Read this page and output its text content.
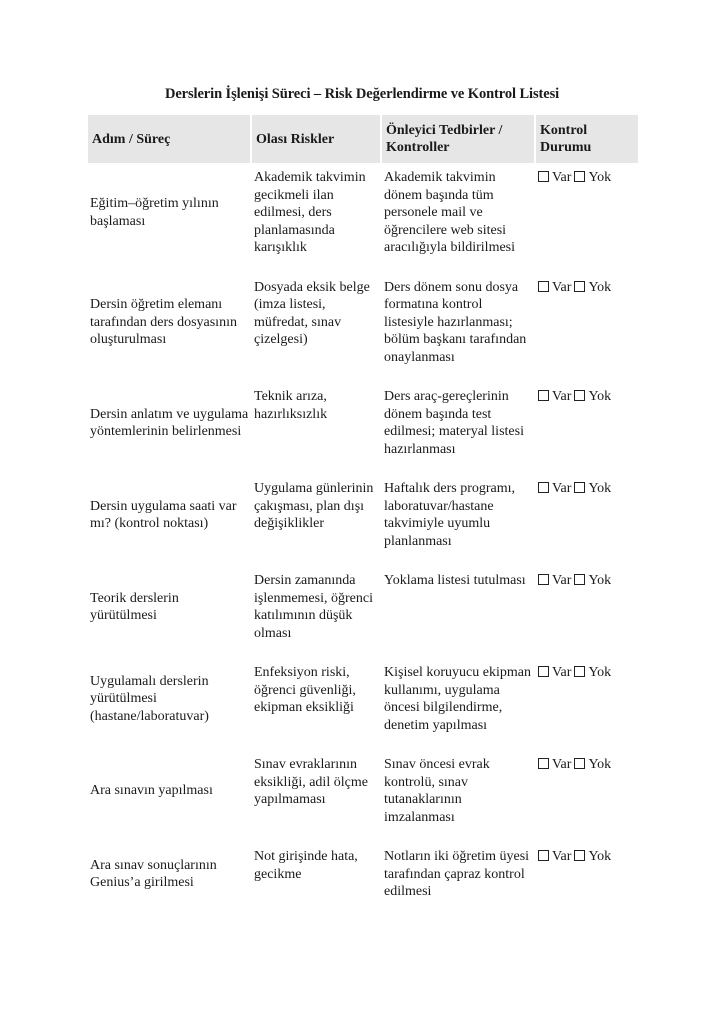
Derslerin İşlenişi Süreci – Risk Değerlendirme ve Kontrol Listesi
Adım / Süreç	Olası Riskler	Önleyici Tedbirler / Kontroller	Kontrol Durumu
Eğitim–öğretim yılının başlaması	Akademik takvimin gecikmeli ilan edilmesi, ders planlamasında karışıklık	Akademik takvimin dönem başında tüm personele mail ve öğrencilere web sitesi aracılığıyla bildirilmesi	Var Yok
Dersin öğretim elemanı tarafından ders dosyasının oluşturulması	Dosyada eksik belge (imza listesi, müfredat, sınav çizelgesi)	Ders dönem sonu dosya formatına kontrol listesiyle hazırlanması; bölüm başkanı tarafından onaylanması	Var Yok
Dersin anlatım ve uygulama yöntemlerinin belirlenmesi	Teknik arıza, hazırlıksızlık	Ders araç-gereçlerinin dönem başında test edilmesi; materyal listesi hazırlanması	Var Yok
Dersin uygulama saati var mı? (kontrol noktası)	Uygulama günlerinin çakışması, plan dışı değişiklikler	Haftalık ders programı, laboratuvar/hastane takvimiyle uyumlu planlanması	Var Yok
Teorik derslerin yürütülmesi	Dersin zamanında işlenmemesi, öğrenci katılımının düşük olması	Yoklama listesi tutulması	Var Yok
Uygulamalı derslerin yürütülmesi (hastane/laboratuvar)	Enfeksiyon riski, öğrenci güvenliği, ekipman eksikliği	Kişisel koruyucu ekipman kullanımı, uygulama öncesi bilgilendirme, denetim yapılması	Var Yok
Ara sınavın yapılması	Sınav evraklarının eksikliği, adil ölçme yapılmaması	Sınav öncesi evrak kontrolü, sınav tutanaklarının imzalanması	Var Yok
Ara sınav sonuçlarının Genius’a girilmesi	Not girişinde hata, gecikme	Notların iki öğretim üyesi tarafından çapraz kontrol edilmesi	Var Yok
